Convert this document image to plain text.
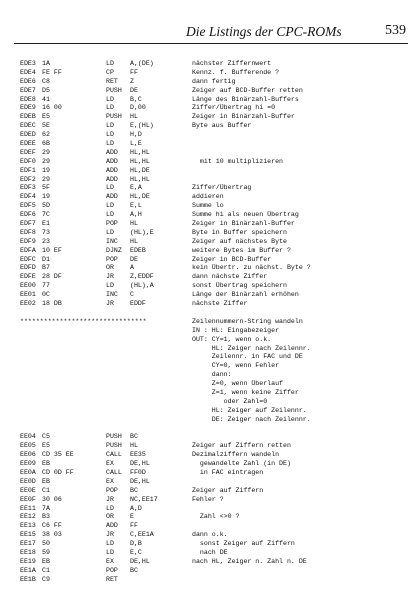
Die Listings der CPC-ROMs	539
EDE3 1A	LD A,(DE)	nächster Ziffernwert
EDE4 FE FF	CP FF	Kennz. f. Bufferende ?
EDE6 C8	RET Z	dann fertig
EDE7 D5	PUSH DE	Zeiger auf BCD-Buffer retten
EDE8 41	LD B,C	Länge des Binärzahl-Buffers
EDE9 16 00	LD D,00	Ziffer/Übertrag hi =0
EDEB E5	PUSH HL	Zeiger in Binärzahl-Buffer
EDEC 5E	LD E,(HL)	Byte aus Buffer
EDED 62	LD H,D
EDEE 6B	LD L,E
EDEF 29	ADD HL,HL
EDF0 29	ADD HL,HL	mit 10 multiplizieren
EDF1 19	ADD HL,DE
EDF2 29	ADD HL,HL
EDF3 5F	LD E,A	Ziffer/Übertrag
EDF4 19	ADD HL,DE	addieren
EDF5 5D	LD E,L	Summe lo
EDF6 7C	LD A,H	Summe hi als neuen Übertrag
EDF7 E1	POP HL	Zeiger in Binärzahl-Buffer
EDF8 73	LD (HL),E	Byte in Buffer speichern
EDF9 23	INC HL	Zeiger auf nächstes Byte
EDFA 10 EF	DJNZ EDEB	weitere Bytes im Buffer ?
EDFC D1	POP DE	Zeiger in BCD-Buffer
EDFD B7	OR A	kein Übertr. zu nächst. Byte ?
EDFE 28 DF	JR Z,EDDF	dann nächste Ziffer
EE00 77	LD (HL),A	sonst Übertrag speichern
EE01 0C	INC C	Länge der Binärzahl erhöhen
EE02 18 DB	JR EDDF	nächste Ziffer
********************************	Zeilennummern-String wandeln
IN : HL: Eingabezeiger
OUT: CY=1, wenn o.k.
HL: Zeiger nach Zeilennr.
Zeilennr. in FAC und DE
CY=0, wenn Fehler
dann:
Z=0, wenn Überlauf
Z=1, wenn keine Ziffer
oder Zahl=0
HL: Zeiger auf Zeilennr.
DE: Zeiger nach Zeilennr.
EE04 C5	PUSH BC
EE05 E5	PUSH HL	Zeiger auf Ziffern retten
EE06 CD 35 EE	CALL EE35	Dezimalziffern wandeln
EE09 EB	EX DE,HL	gewandelte Zahl (in DE)
EE0A CD 0D FF	CALL FF0D	in FAC eintragen
EE0D EB	EX DE,HL
EE0E C1	POP BC	Zeiger auf Ziffern
EE0F 30 06	JR NC,EE17	Fehler ?
EE11 7A	LD A,D
EE12 B3	OR E	Zahl <>0 ?
EE13 C6 FF	ADD FF
EE15 38 03	JR C,EE1A	dann o.k.
EE17 50	LD D,B	sonst Zeiger auf Ziffern
EE18 59	LD E,C	nach DE
EE19 EB	EX DE,HL	nach HL, Zeiger n. Zahl n. DE
EE1A C1	POP BC
EE1B C9	RET
